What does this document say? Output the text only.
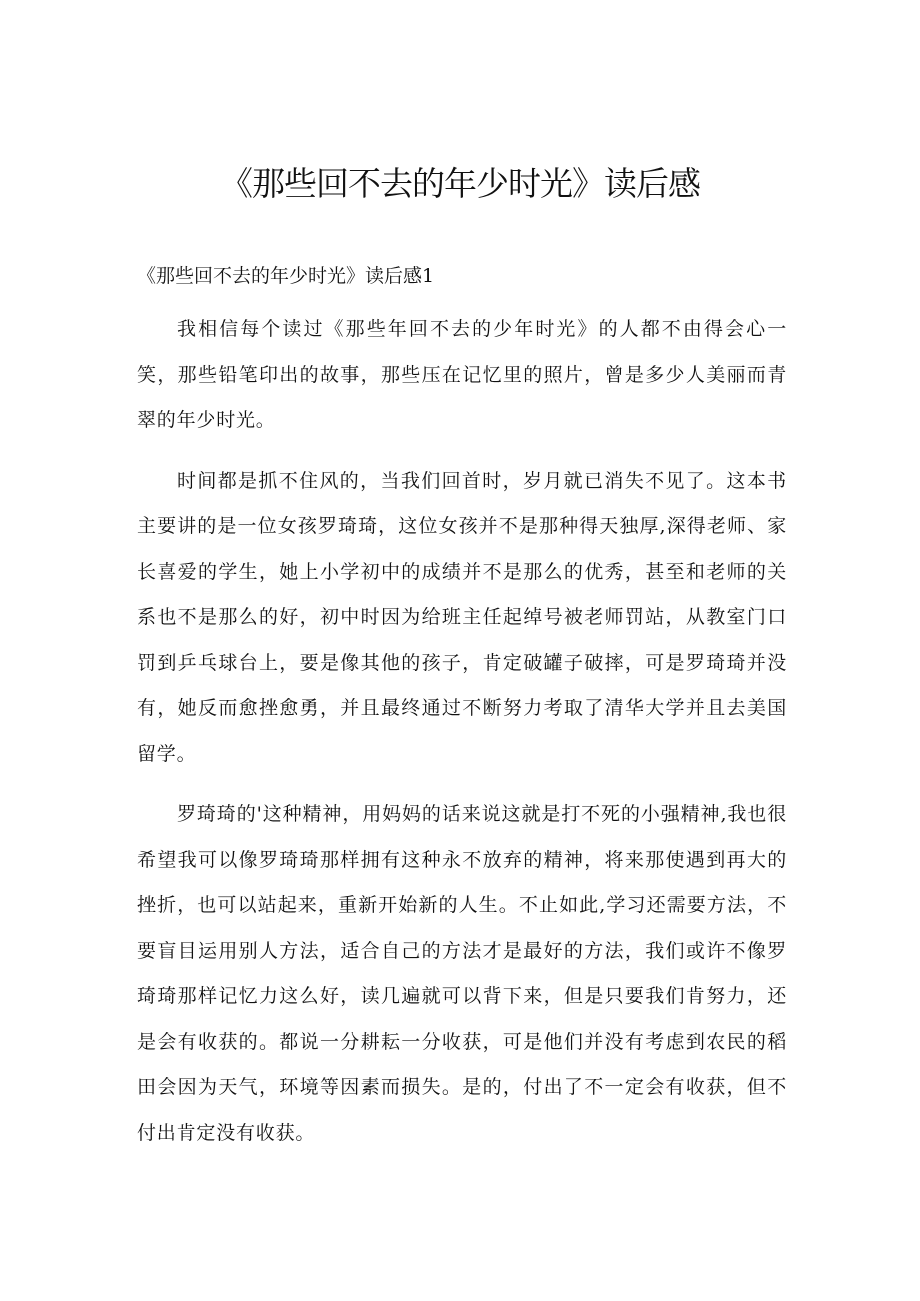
《那些回不去的年少时光》读后感

《那些回不去的年少时光》读后感1

我相信每个读过《那些年回不去的少年时光》的人都不由得会心一笑，那些铅笔印出的故事，那些压在记忆里的照片，曾是多少人美丽而青翠的年少时光。

时间都是抓不住风的，当我们回首时，岁月就已消失不见了。这本书主要讲的是一位女孩罗琦琦，这位女孩并不是那种得天独厚,深得老师、家长喜爱的学生，她上小学初中的成绩并不是那么的优秀，甚至和老师的关系也不是那么的好，初中时因为给班主任起绰号被老师罚站，从教室门口罚到乒乓球台上，要是像其他的孩子，肯定破罐子破摔，可是罗琦琦并没有，她反而愈挫愈勇，并且最终通过不断努力考取了清华大学并且去美国留学。

罗琦琦的'这种精神，用妈妈的话来说这就是打不死的小强精神,我也很希望我可以像罗琦琦那样拥有这种永不放弃的精神，将来那使遇到再大的挫折，也可以站起来，重新开始新的人生。不止如此,学习还需要方法，不要盲目运用别人方法，适合自己的方法才是最好的方法，我们或许不像罗琦琦那样记忆力这么好，读几遍就可以背下来，但是只要我们肯努力，还是会有收获的。都说一分耕耘一分收获，可是他们并没有考虑到农民的稻田会因为天气，环境等因素而损失。是的，付出了不一定会有收获，但不付出肯定没有收获。
